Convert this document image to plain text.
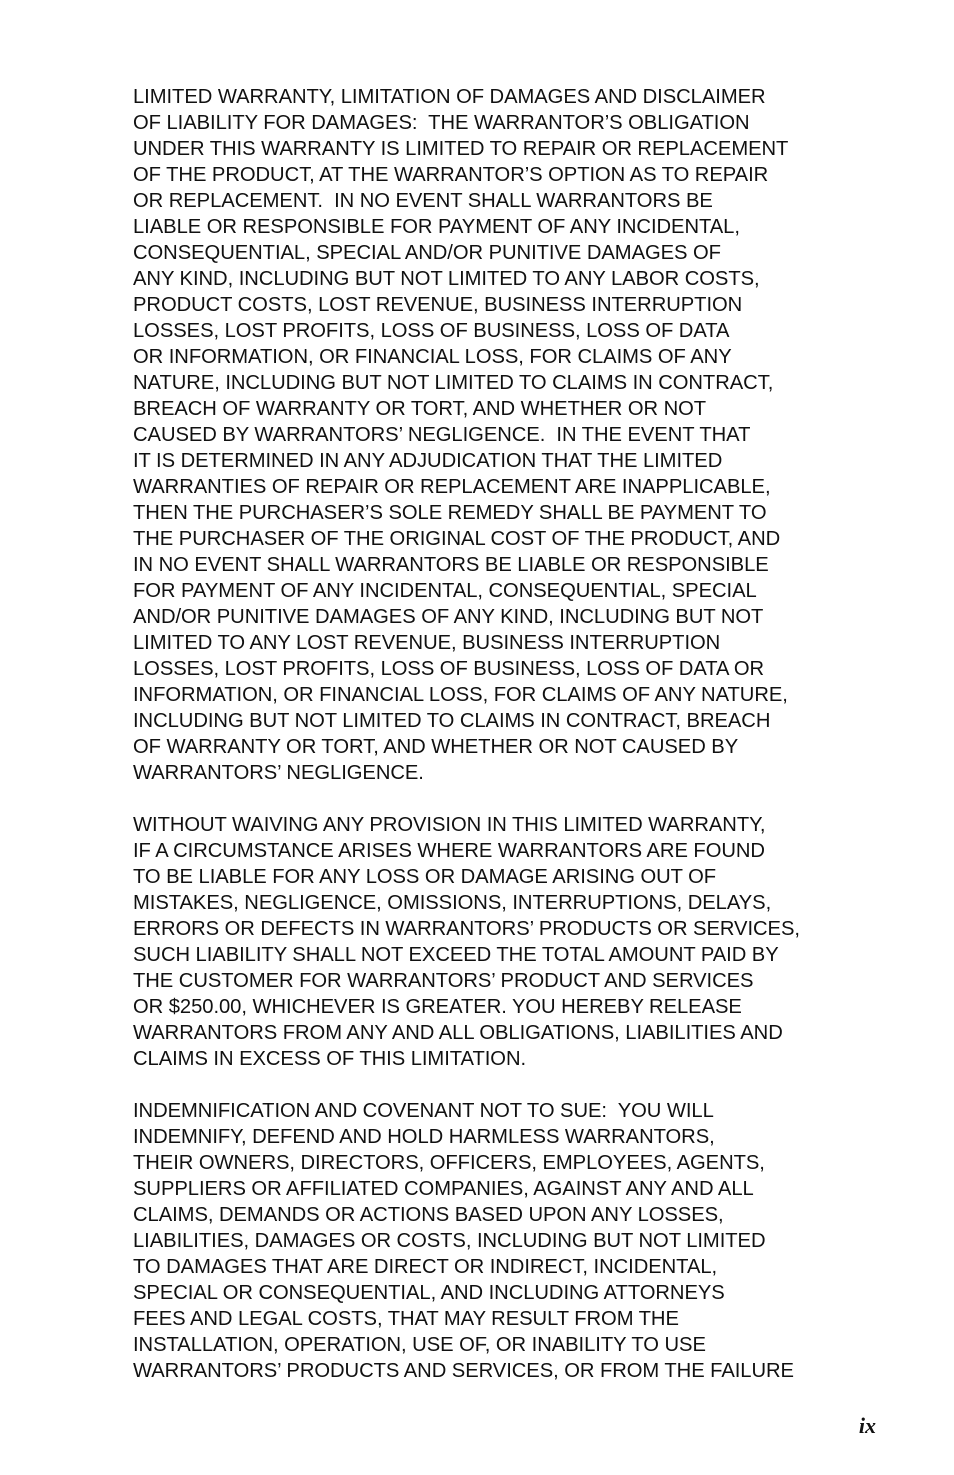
LIMITED WARRANTY, LIMITATION OF DAMAGES AND DISCLAIMER
OF LIABILITY FOR DAMAGES:  THE WARRANTOR’S OBLIGATION
UNDER THIS WARRANTY IS LIMITED TO REPAIR OR REPLACEMENT
OF THE PRODUCT, AT THE WARRANTOR’S OPTION AS TO REPAIR
OR REPLACEMENT.  IN NO EVENT SHALL WARRANTORS BE
LIABLE OR RESPONSIBLE FOR PAYMENT OF ANY INCIDENTAL,
CONSEQUENTIAL, SPECIAL AND/OR PUNITIVE DAMAGES OF
ANY KIND, INCLUDING BUT NOT LIMITED TO ANY LABOR COSTS,
PRODUCT COSTS, LOST REVENUE, BUSINESS INTERRUPTION
LOSSES, LOST PROFITS, LOSS OF BUSINESS, LOSS OF DATA
OR INFORMATION, OR FINANCIAL LOSS, FOR CLAIMS OF ANY
NATURE, INCLUDING BUT NOT LIMITED TO CLAIMS IN CONTRACT,
BREACH OF WARRANTY OR TORT, AND WHETHER OR NOT
CAUSED BY WARRANTORS’ NEGLIGENCE.  IN THE EVENT THAT
IT IS DETERMINED IN ANY ADJUDICATION THAT THE LIMITED
WARRANTIES OF REPAIR OR REPLACEMENT ARE INAPPLICABLE,
THEN THE PURCHASER’S SOLE REMEDY SHALL BE PAYMENT TO
THE PURCHASER OF THE ORIGINAL COST OF THE PRODUCT, AND
IN NO EVENT SHALL WARRANTORS BE LIABLE OR RESPONSIBLE
FOR PAYMENT OF ANY INCIDENTAL, CONSEQUENTIAL, SPECIAL
AND/OR PUNITIVE DAMAGES OF ANY KIND, INCLUDING BUT NOT
LIMITED TO ANY LOST REVENUE, BUSINESS INTERRUPTION
LOSSES, LOST PROFITS, LOSS OF BUSINESS, LOSS OF DATA OR
INFORMATION, OR FINANCIAL LOSS, FOR CLAIMS OF ANY NATURE,
INCLUDING BUT NOT LIMITED TO CLAIMS IN CONTRACT, BREACH
OF WARRANTY OR TORT, AND WHETHER OR NOT CAUSED BY
WARRANTORS’ NEGLIGENCE.
WITHOUT WAIVING ANY PROVISION IN THIS LIMITED WARRANTY,
IF A CIRCUMSTANCE ARISES WHERE WARRANTORS ARE FOUND
TO BE LIABLE FOR ANY LOSS OR DAMAGE ARISING OUT OF
MISTAKES, NEGLIGENCE, OMISSIONS, INTERRUPTIONS, DELAYS,
ERRORS OR DEFECTS IN WARRANTORS’ PRODUCTS OR SERVICES,
SUCH LIABILITY SHALL NOT EXCEED THE TOTAL AMOUNT PAID BY
THE CUSTOMER FOR WARRANTORS’ PRODUCT AND SERVICES
OR $250.00, WHICHEVER IS GREATER. YOU HEREBY RELEASE
WARRANTORS FROM ANY AND ALL OBLIGATIONS, LIABILITIES AND
CLAIMS IN EXCESS OF THIS LIMITATION.
INDEMNIFICATION AND COVENANT NOT TO SUE:  YOU WILL
INDEMNIFY, DEFEND AND HOLD HARMLESS WARRANTORS,
THEIR OWNERS, DIRECTORS, OFFICERS, EMPLOYEES, AGENTS,
SUPPLIERS OR AFFILIATED COMPANIES, AGAINST ANY AND ALL
CLAIMS, DEMANDS OR ACTIONS BASED UPON ANY LOSSES,
LIABILITIES, DAMAGES OR COSTS, INCLUDING BUT NOT LIMITED
TO DAMAGES THAT ARE DIRECT OR INDIRECT, INCIDENTAL,
SPECIAL OR CONSEQUENTIAL, AND INCLUDING ATTORNEYS
FEES AND LEGAL COSTS, THAT MAY RESULT FROM THE
INSTALLATION, OPERATION, USE OF, OR INABILITY TO USE
WARRANTORS’ PRODUCTS AND SERVICES, OR FROM THE FAILURE
ix
